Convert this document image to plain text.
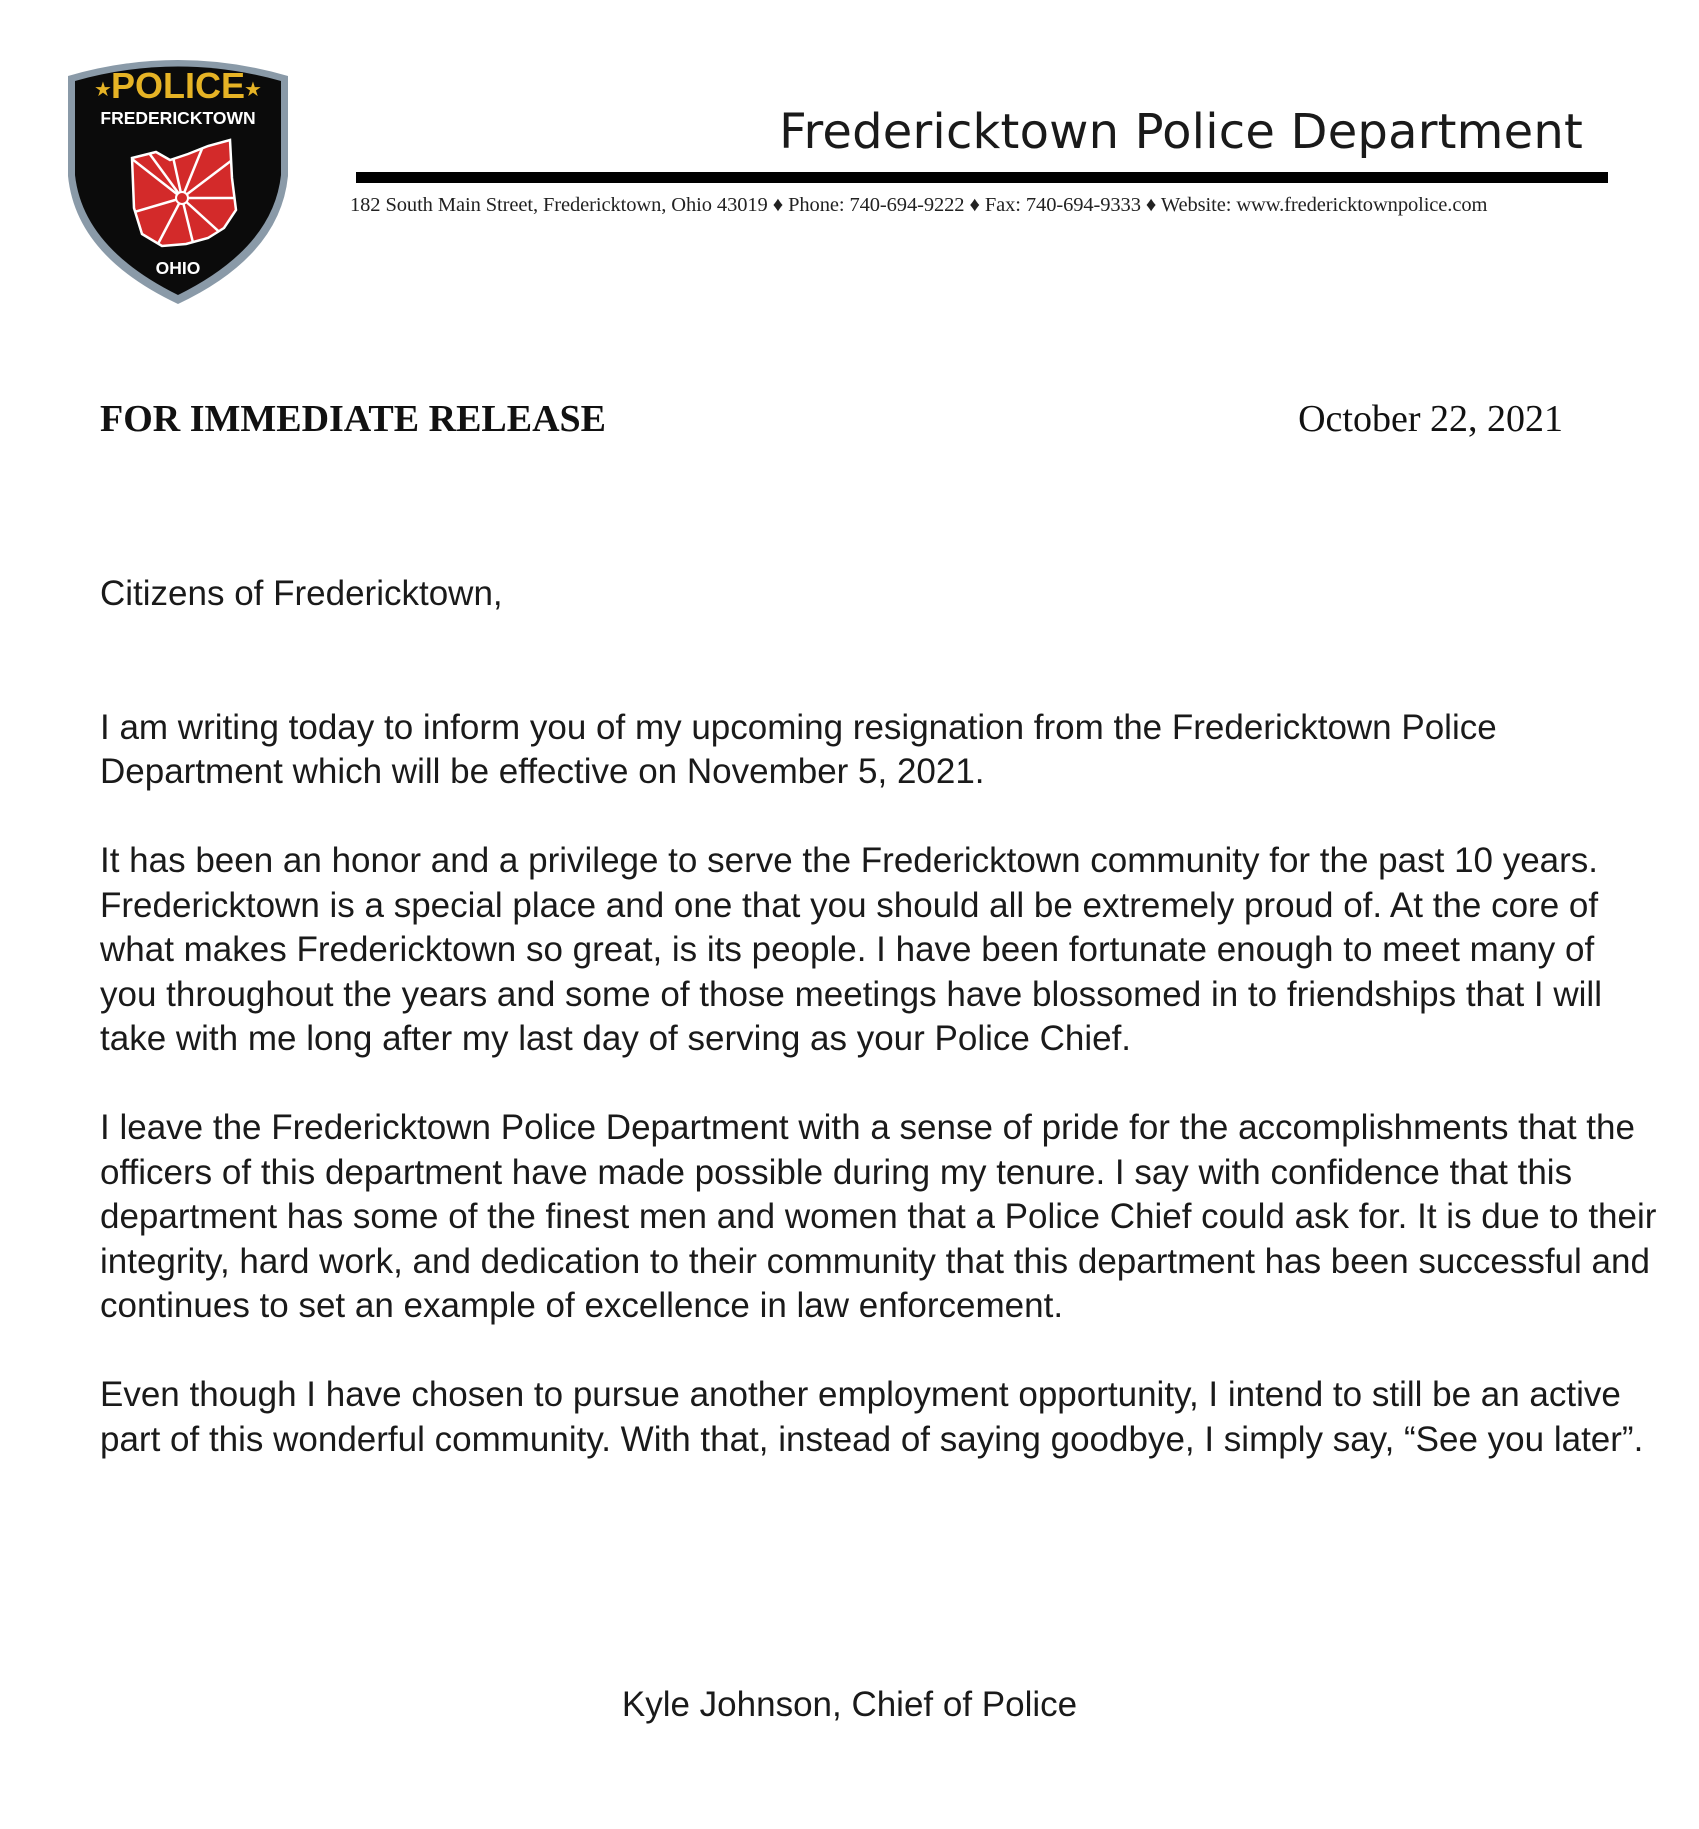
★	★
POLICE
FREDERICKTOWN
OHIO
Fredericktown Police Department
182 South Main Street, Fredericktown, Ohio 43019 ♦ Phone: 740-694-9222 ♦ Fax: 740-694-9333 ♦ Website: www.fredericktownpolice.com
FOR IMMEDIATE RELEASE	October 22, 2021

Citizens of Fredericktown,

I am writing today to inform you of my upcoming resignation from the Fredericktown Police Department which will be effective on November 5, 2021.

It has been an honor and a privilege to serve the Fredericktown community for the past 10 years. Fredericktown is a special place and one that you should all be extremely proud of. At the core of what makes Fredericktown so great, is its people. I have been fortunate enough to meet many of you throughout the years and some of those meetings have blossomed in to friendships that I will take with me long after my last day of serving as your Police Chief.

I leave the Fredericktown Police Department with a sense of pride for the accomplishments that the officers of this department have made possible during my tenure. I say with confidence that this department has some of the finest men and women that a Police Chief could ask for. It is due to their integrity, hard work, and dedication to their community that this department has been successful and continues to set an example of excellence in law enforcement.

Even though I have chosen to pursue another employment opportunity, I intend to still be an active part of this wonderful community. With that, instead of saying goodbye, I simply say, “See you later”.

Kyle Johnson, Chief of Police
